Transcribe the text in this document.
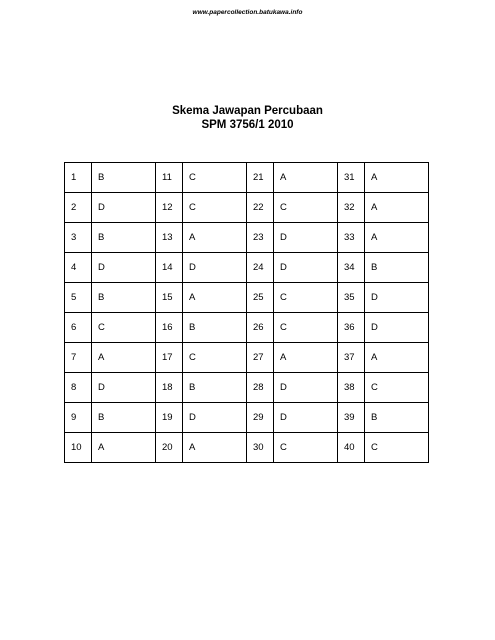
www.papercollection.batukawa.info
Skema Jawapan Percubaan
SPM 3756/1 2010
1	B	11	C	21	A	31	A
2	D	12	C	22	C	32	A
3	B	13	A	23	D	33	A
4	D	14	D	24	D	34	B
5	B	15	A	25	C	35	D
6	C	16	B	26	C	36	D
7	A	17	C	27	A	37	A
8	D	18	B	28	D	38	C
9	B	19	D	29	D	39	B
10	A	20	A	30	C	40	C
